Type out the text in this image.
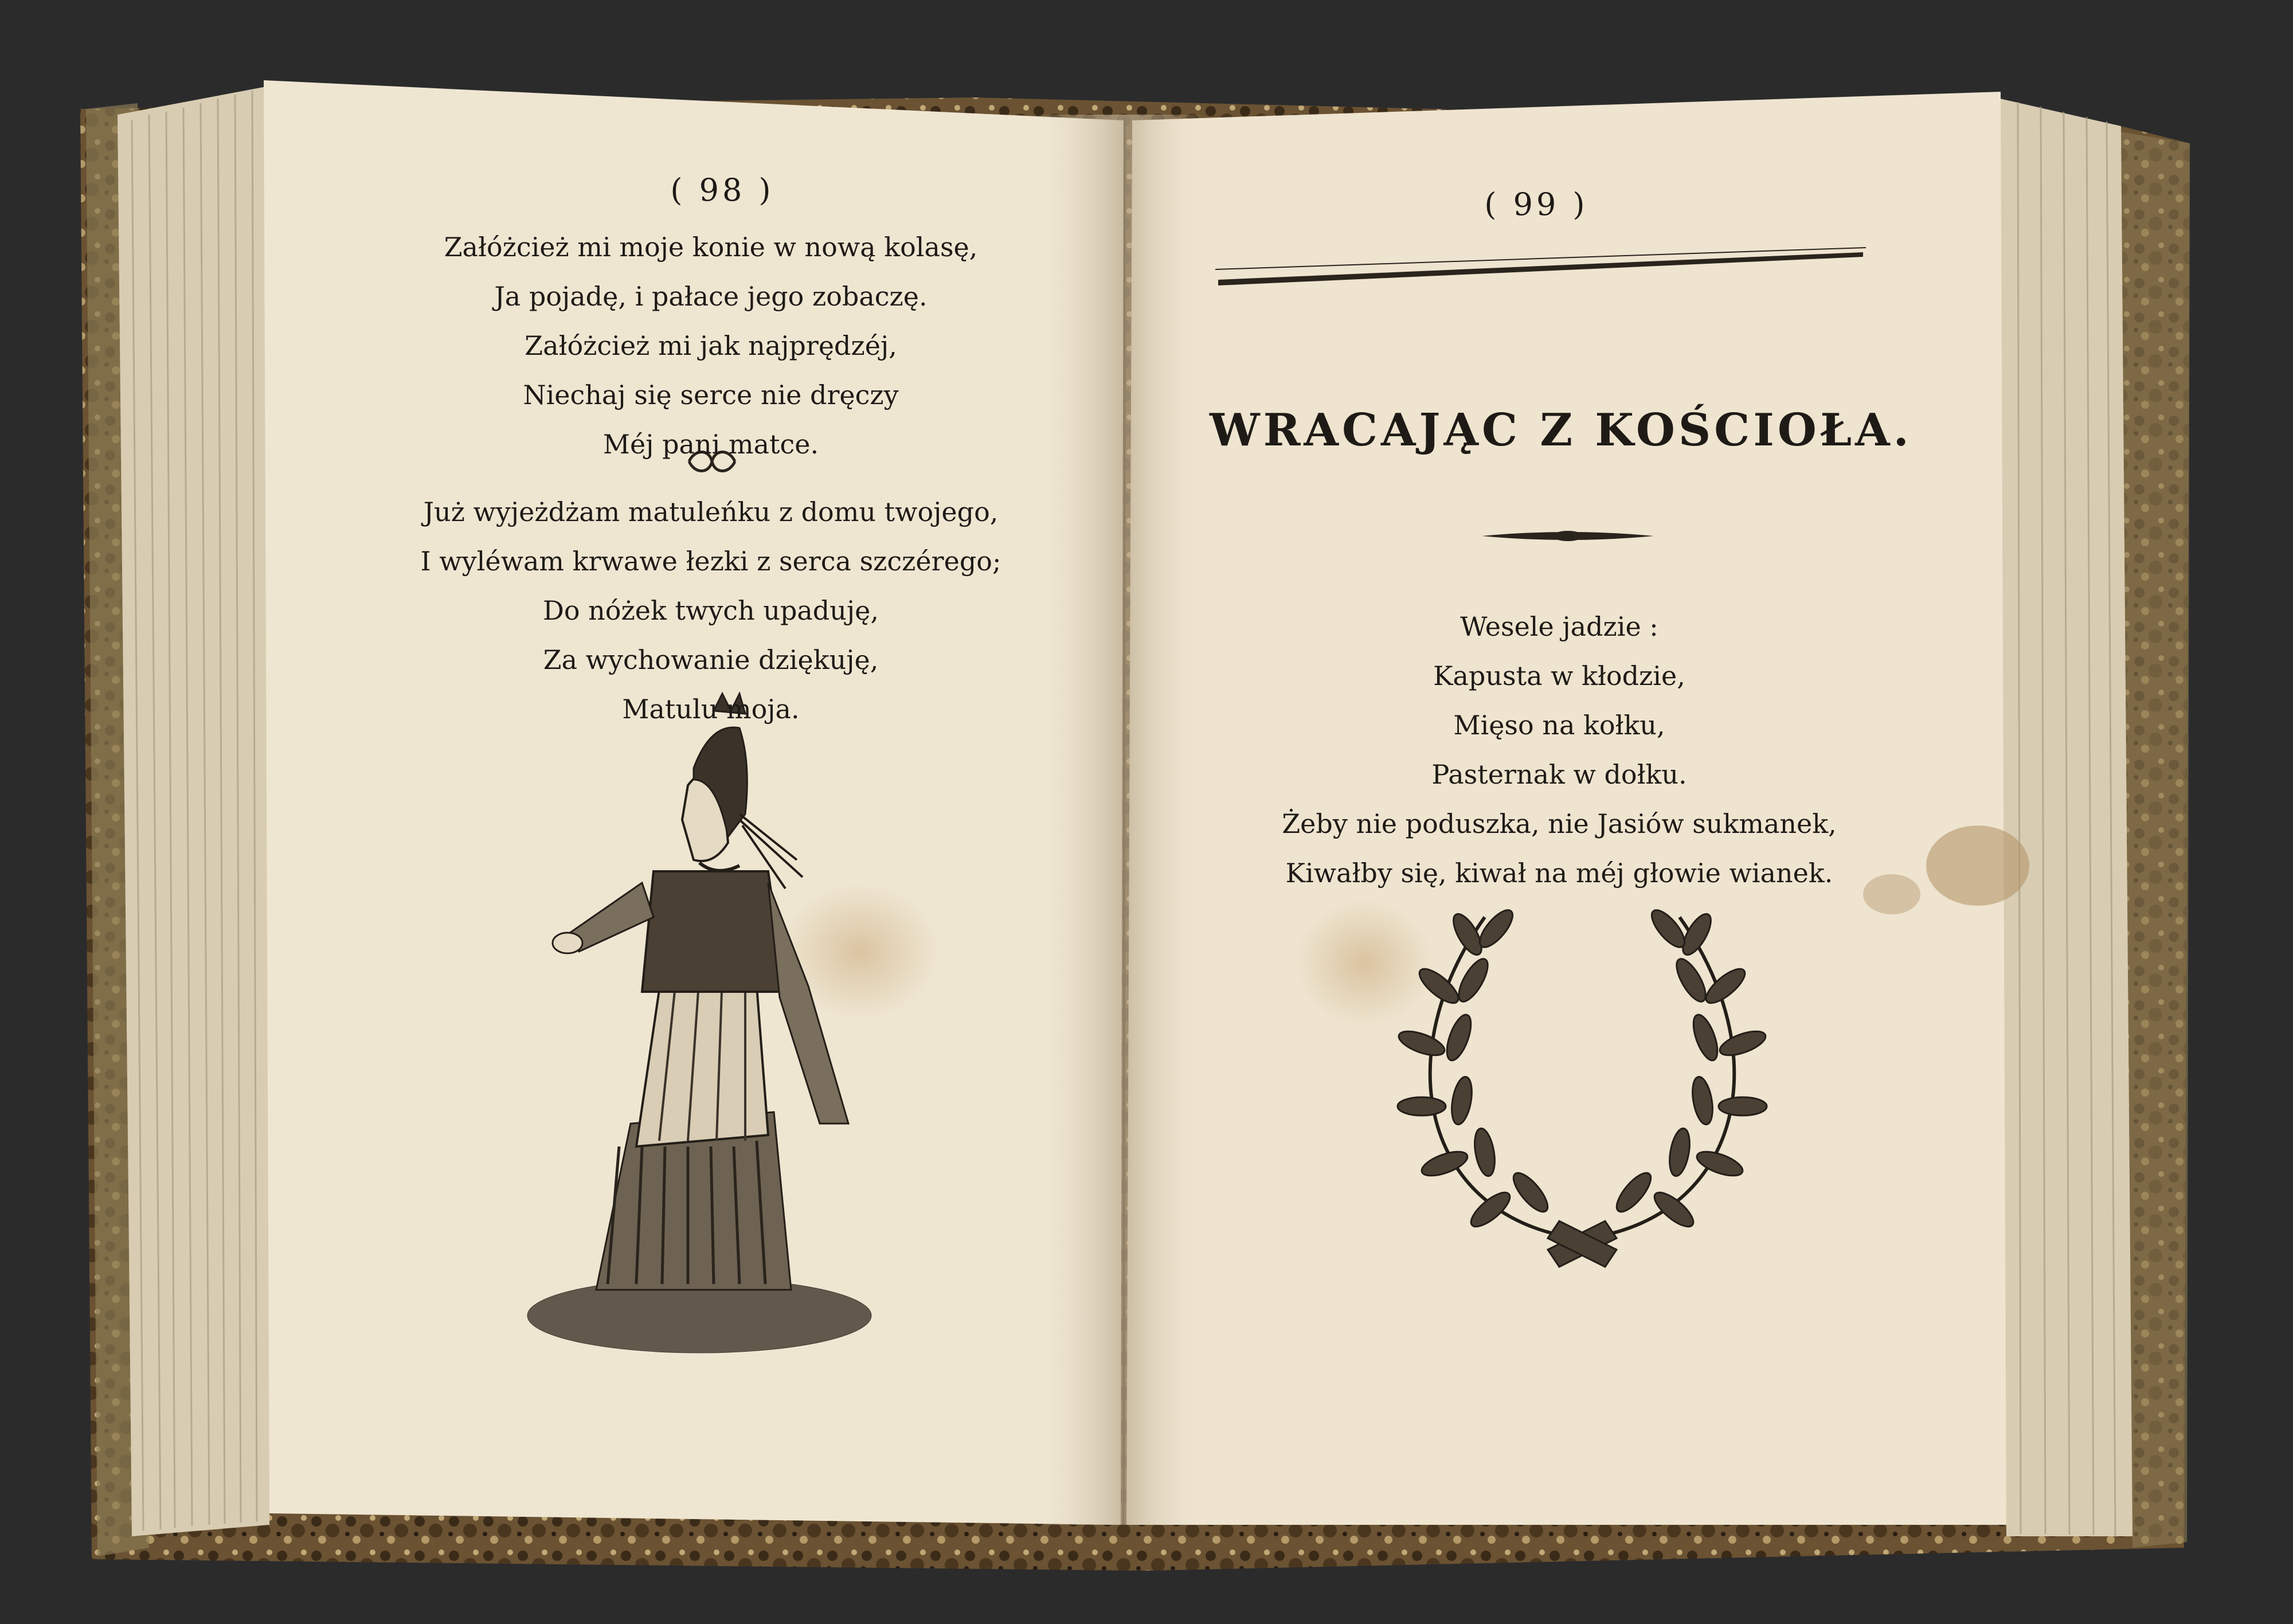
( 98 )
Załóżcież mi moje konie w nową kolasę,
Ja pojadę, i pałace jego zobaczę.
Załóżcież mi jak najprędzéj,
Niechaj się serce nie dręczy
Méj pani matce.
Już wyjeżdżam matuleńku z domu twojego,
I wyléwam krwawe łezki z serca szczérego;
Do nóżek twych upaduję,
Za wychowanie dziękuję,
Matulu moja.
( 99 )
WRACAJĄC Z KOŚCIOŁA.
Wesele jadzie :
Kapusta w kłodzie,
Mięso na kołku,
Pasternak w dołku.
Żeby nie poduszka, nie Jasiów sukmanek,
Kiwałby się, kiwał na méj głowie wianek.
